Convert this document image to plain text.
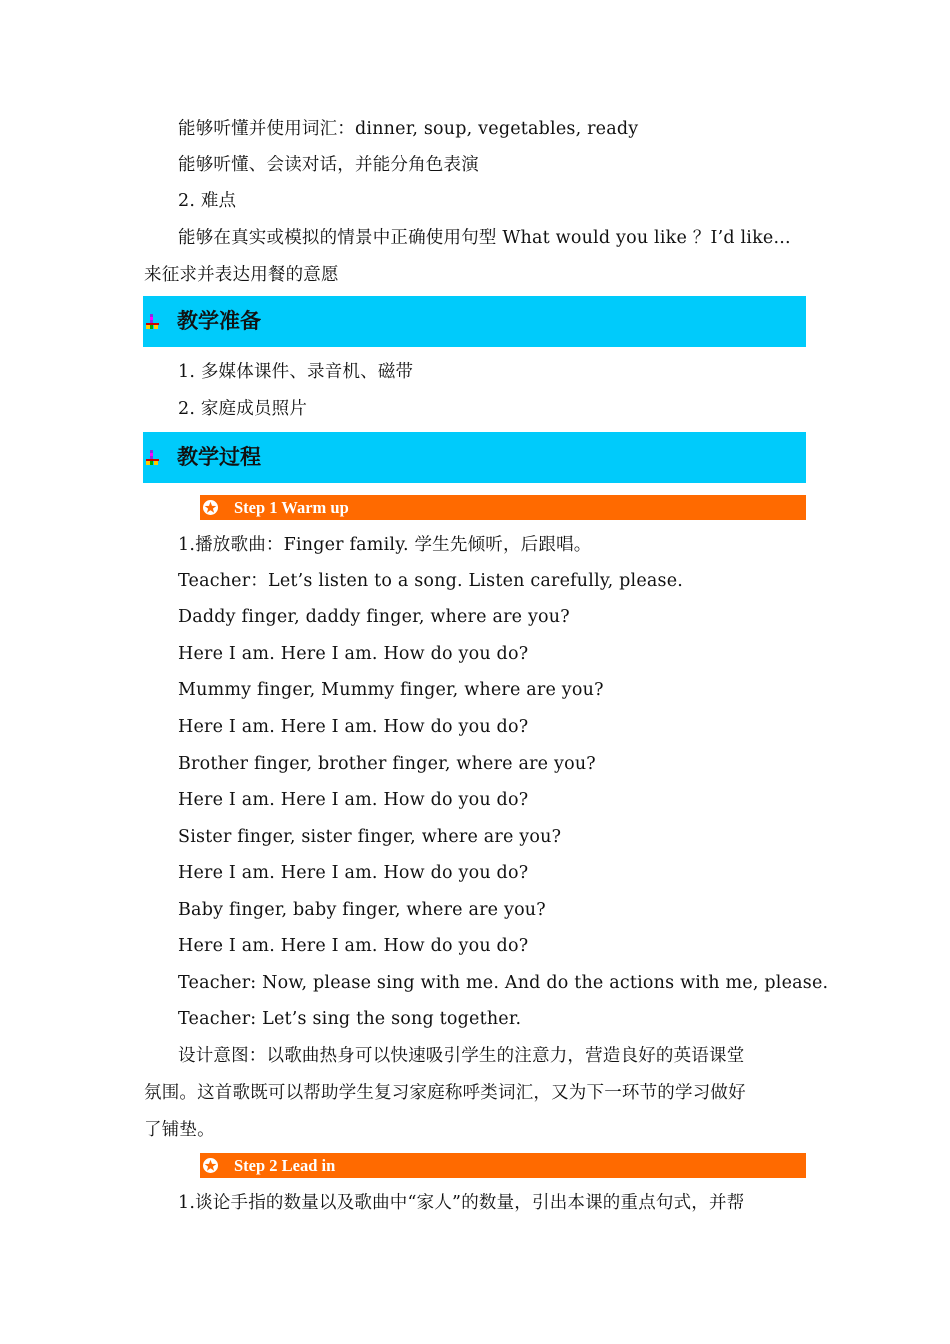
能够听懂并使用词汇：dinner, soup, vegetables, ready
能够听懂、会读对话，并能分角色表演
2. 难点
能够在真实或模拟的情景中正确使用句型 What would you like ？I’d like...
来征求并表达用餐的意愿
教学准备
1. 多媒体课件、录音机、磁带
2. 家庭成员照片
教学过程
Step 1 Warm up
1.播放歌曲：Finger family. 学生先倾听，后跟唱。
Teacher：Let’s listen to a song. Listen carefully, please.
Daddy finger, daddy finger, where are you?
Here I am. Here I am. How do you do?
Mummy finger, Mummy finger, where are you?
Here I am. Here I am. How do you do?
Brother finger, brother finger, where are you?
Here I am. Here I am. How do you do?
Sister finger, sister finger, where are you?
Here I am. Here I am. How do you do?
Baby finger, baby finger, where are you?
Here I am. Here I am. How do you do?
Teacher: Now, please sing with me. And do the actions with me, please.
Teacher: Let’s sing the song together.
设计意图：以歌曲热身可以快速吸引学生的注意力，营造良好的英语课堂
氛围。这首歌既可以帮助学生复习家庭称呼类词汇，又为下一环节的学习做好
了铺垫。
Step 2 Lead in
1.谈论手指的数量以及歌曲中“家人”的数量，引出本课的重点句式，并帮
